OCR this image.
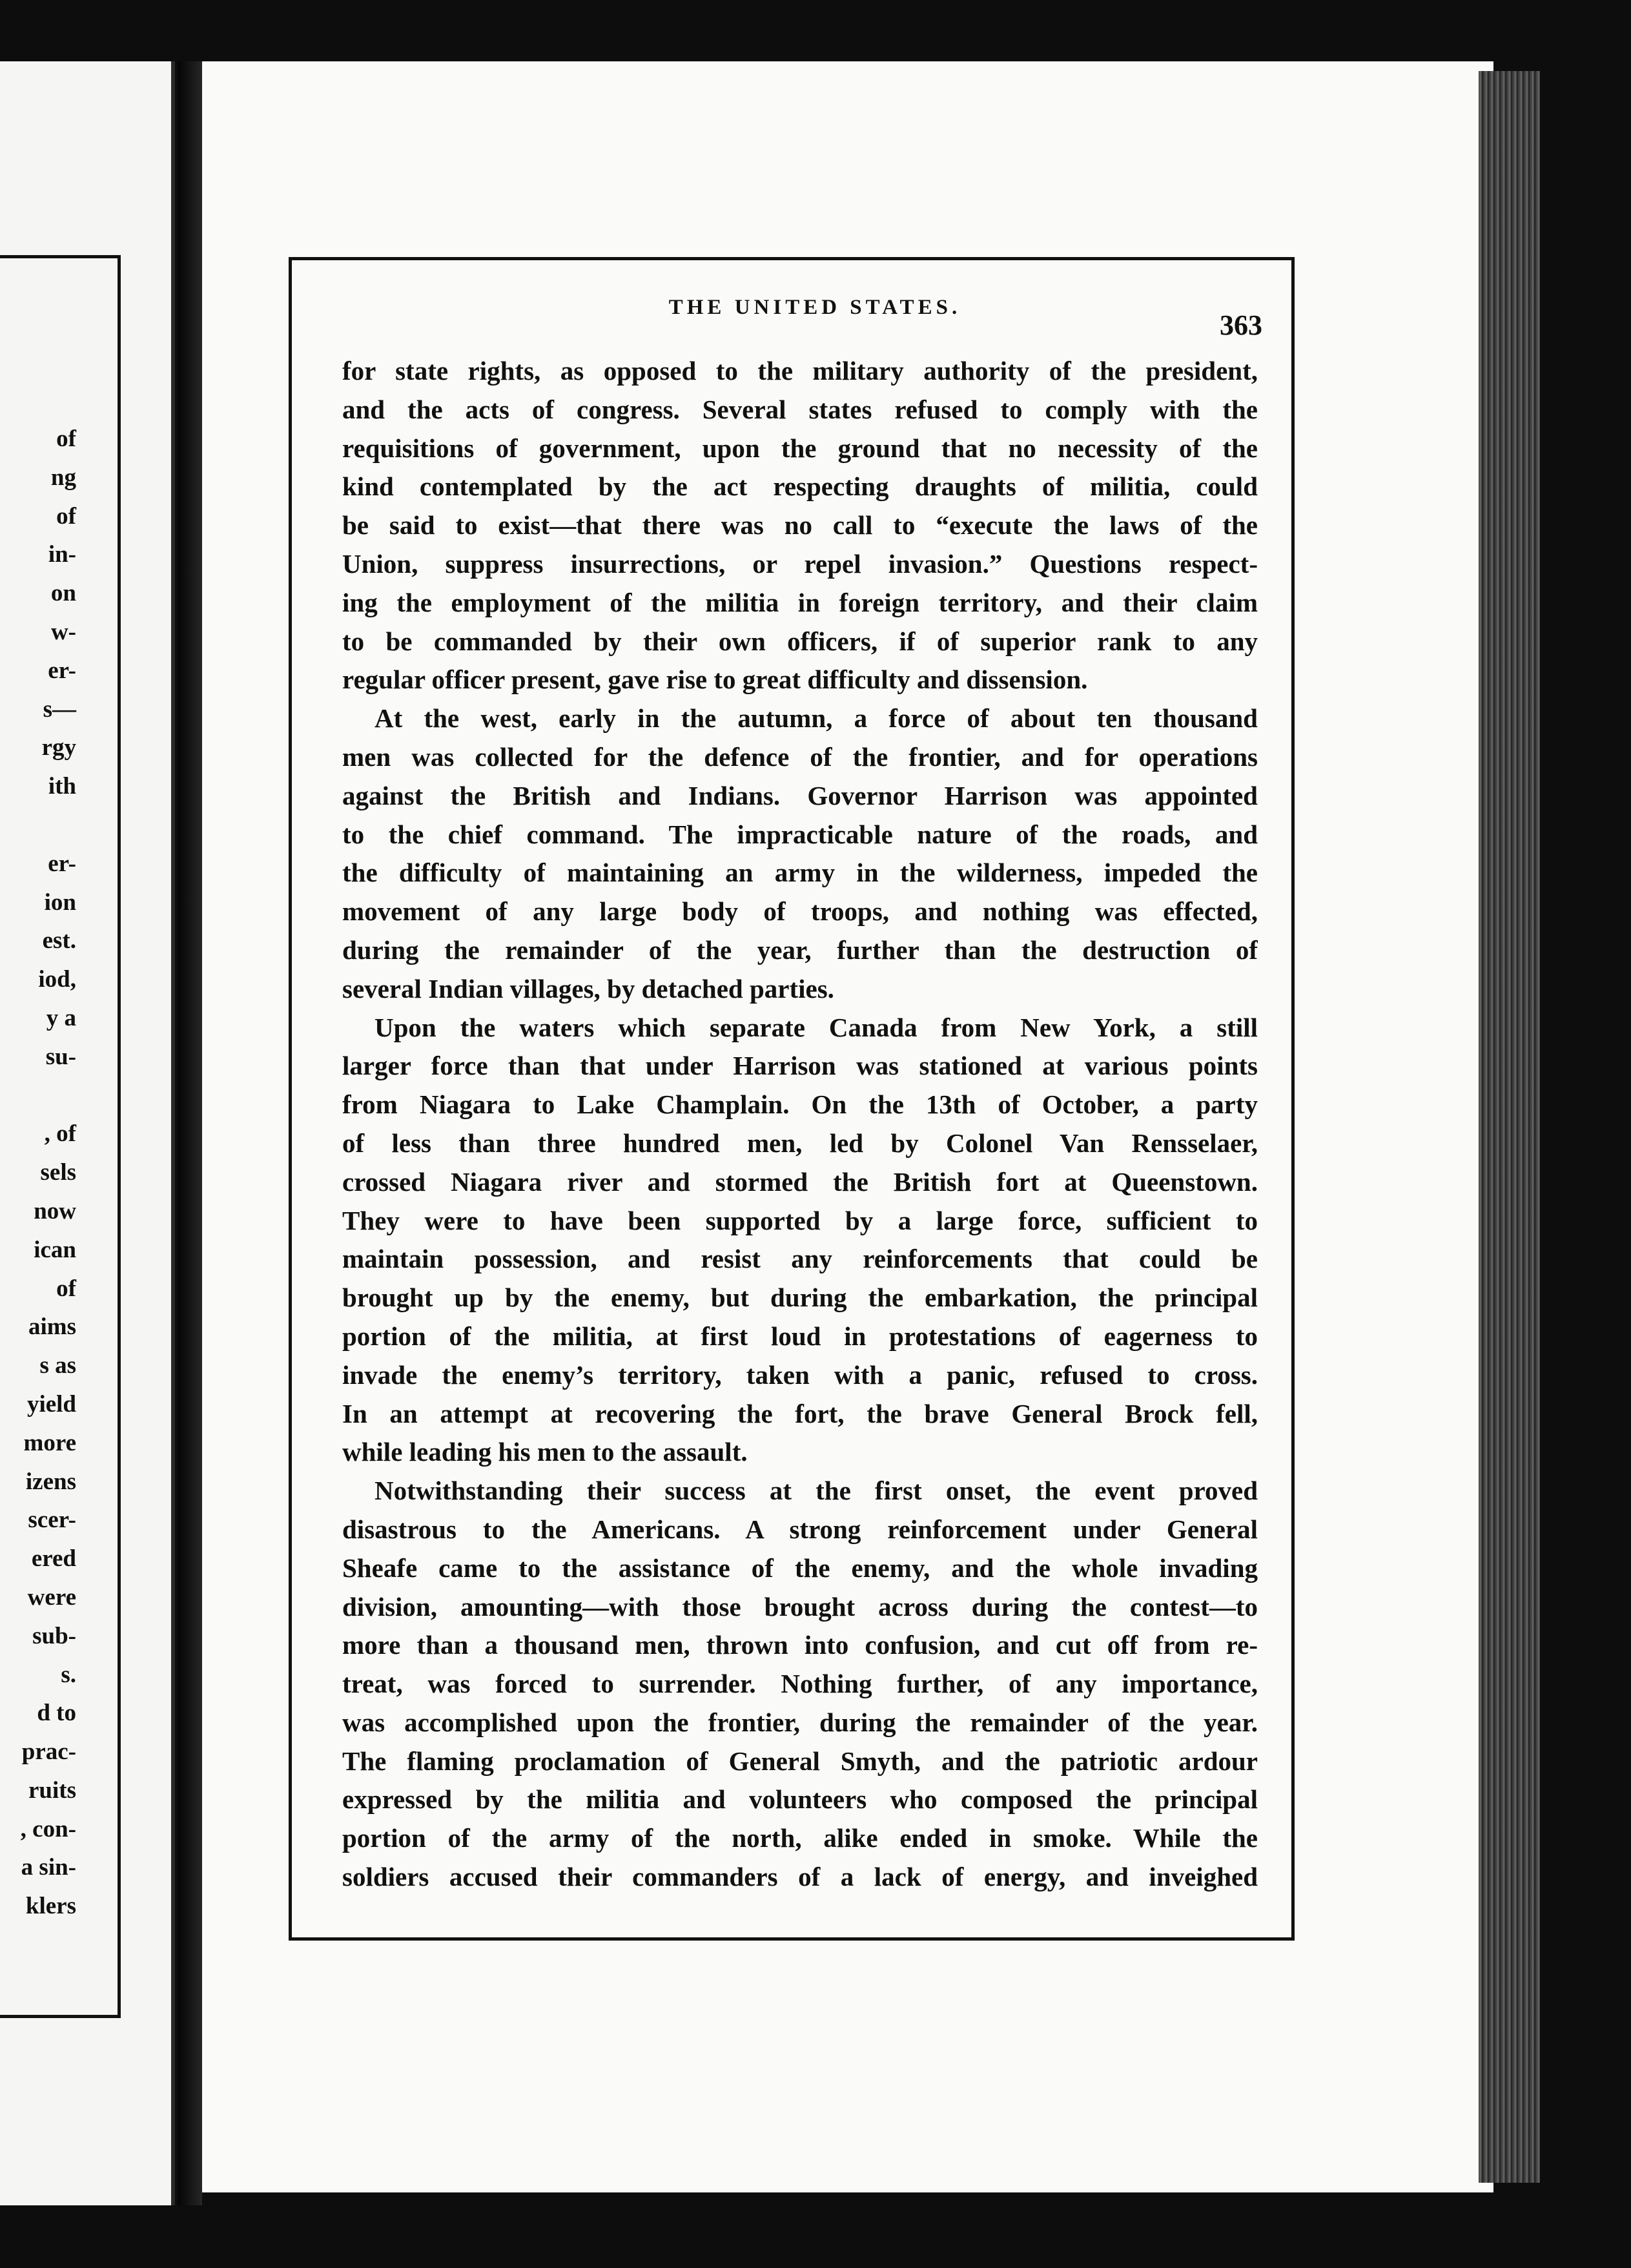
of
ng
of
in-
on
w-
er-
s—
rgy
ith
er-
ion
est.
iod,
y a
su-
, of
sels
now
ican
of
aims
s as
yield
more
izens
scer-
ered
were
sub-
s.
d to
prac-
ruits
, con-
a sin-
klers
THE UNITED STATES.
363
for state rights, as opposed to the military authority of the president,
and the acts of congress. Several states refused to comply with the
requisitions of government, upon the ground that no necessity of the
kind contemplated by the act respecting draughts of militia, could
be said to exist—that there was no call to “execute the laws of the
Union, suppress insurrections, or repel invasion.” Questions respect-
ing the employment of the militia in foreign territory, and their claim
to be commanded by their own officers, if of superior rank to any
regular officer present, gave rise to great difficulty and dissension.
At the west, early in the autumn, a force of about ten thousand
men was collected for the defence of the frontier, and for operations
against the British and Indians. Governor Harrison was appointed
to the chief command. The impracticable nature of the roads, and
the difficulty of maintaining an army in the wilderness, impeded the
movement of any large body of troops, and nothing was effected,
during the remainder of the year, further than the destruction of
several Indian villages, by detached parties.
Upon the waters which separate Canada from New York, a still
larger force than that under Harrison was stationed at various points
from Niagara to Lake Champlain. On the 13th of October, a party
of less than three hundred men, led by Colonel Van Rensselaer,
crossed Niagara river and stormed the British fort at Queenstown.
They were to have been supported by a large force, sufficient to
maintain possession, and resist any reinforcements that could be
brought up by the enemy, but during the embarkation, the principal
portion of the militia, at first loud in protestations of eagerness to
invade the enemy’s territory, taken with a panic, refused to cross.
In an attempt at recovering the fort, the brave General Brock fell,
while leading his men to the assault.
Notwithstanding their success at the first onset, the event proved
disastrous to the Americans. A strong reinforcement under General
Sheafe came to the assistance of the enemy, and the whole invading
division, amounting—with those brought across during the contest—to
more than a thousand men, thrown into confusion, and cut off from re-
treat, was forced to surrender. Nothing further, of any importance,
was accomplished upon the frontier, during the remainder of the year.
The flaming proclamation of General Smyth, and the patriotic ardour
expressed by the militia and volunteers who composed the principal
portion of the army of the north, alike ended in smoke. While the
soldiers accused their commanders of a lack of energy, and inveighed
